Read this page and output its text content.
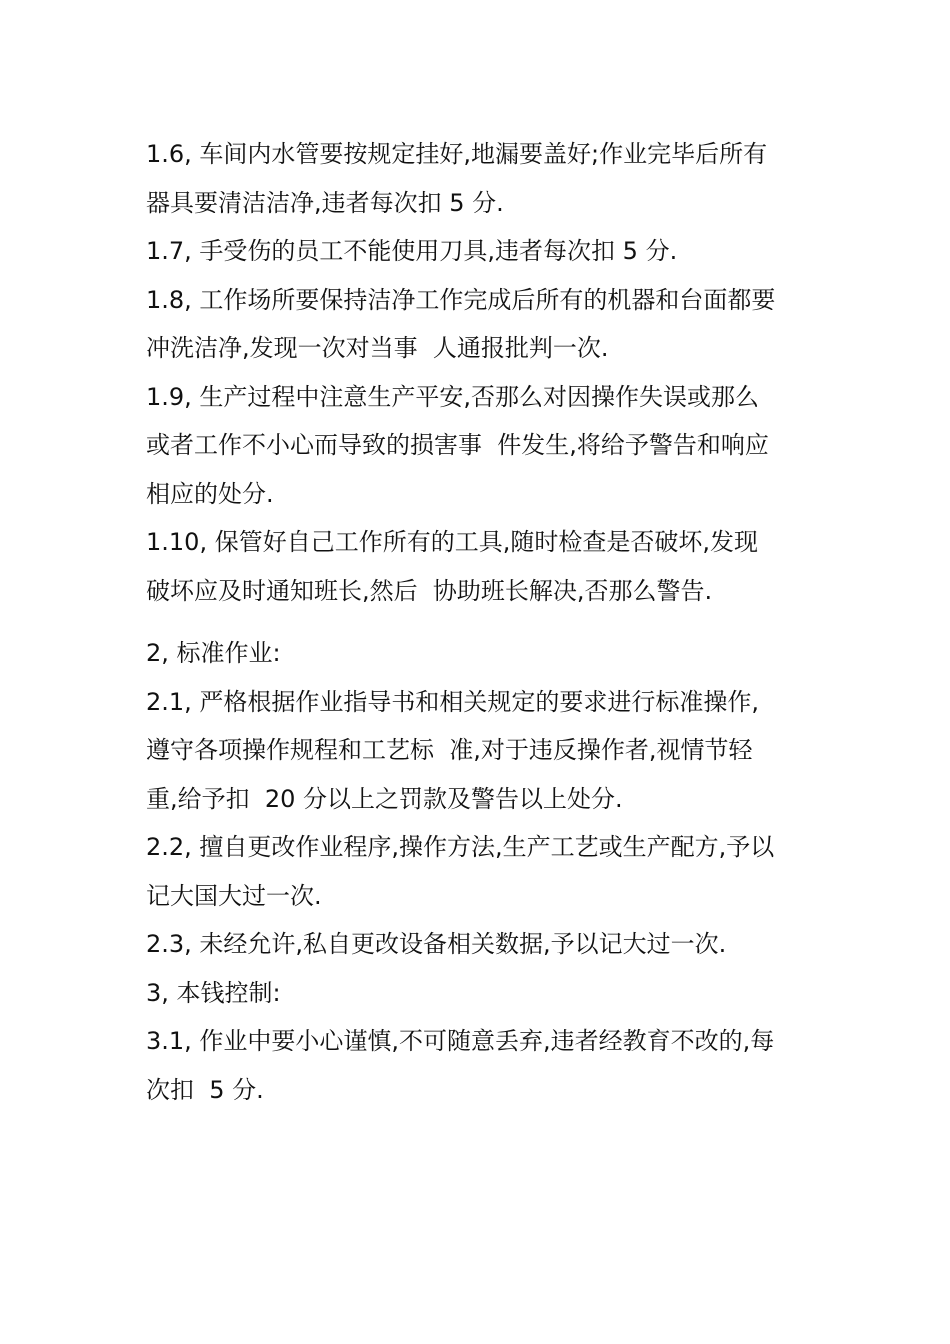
1.6, 车间内水管要按规定挂好,地漏要盖好;作业完毕后所有
器具要清洁洁净,违者每次扣 5 分.
1.7, 手受伤的员工不能使用刀具,违者每次扣 5 分.
1.8, 工作场所要保持洁净工作完成后所有的机器和台面都要
冲洗洁净,发现一次对当事  人通报批判一次.
1.9, 生产过程中注意生产平安,否那么对因操作失误或那么
或者工作不小心而导致的损害事  件发生,将给予警告和响应
相应的处分.
1.10, 保管好自己工作所有的工具,随时检查是否破坏,发现
破坏应及时通知班长,然后  协助班长解决,否那么警告.
2, 标准作业:
2.1, 严格根据作业指导书和相关规定的要求进行标准操作,
遵守各项操作规程和工艺标  准,对于违反操作者,视情节轻
重,给予扣  20 分以上之罚款及警告以上处分.
2.2, 擅自更改作业程序,操作方法,生产工艺或生产配方,予以
记大国大过一次.
2.3, 未经允许,私自更改设备相关数据,予以记大过一次.
3, 本钱控制:
3.1, 作业中要小心谨慎,不可随意丢弃,违者经教育不改的,每
次扣  5 分.
